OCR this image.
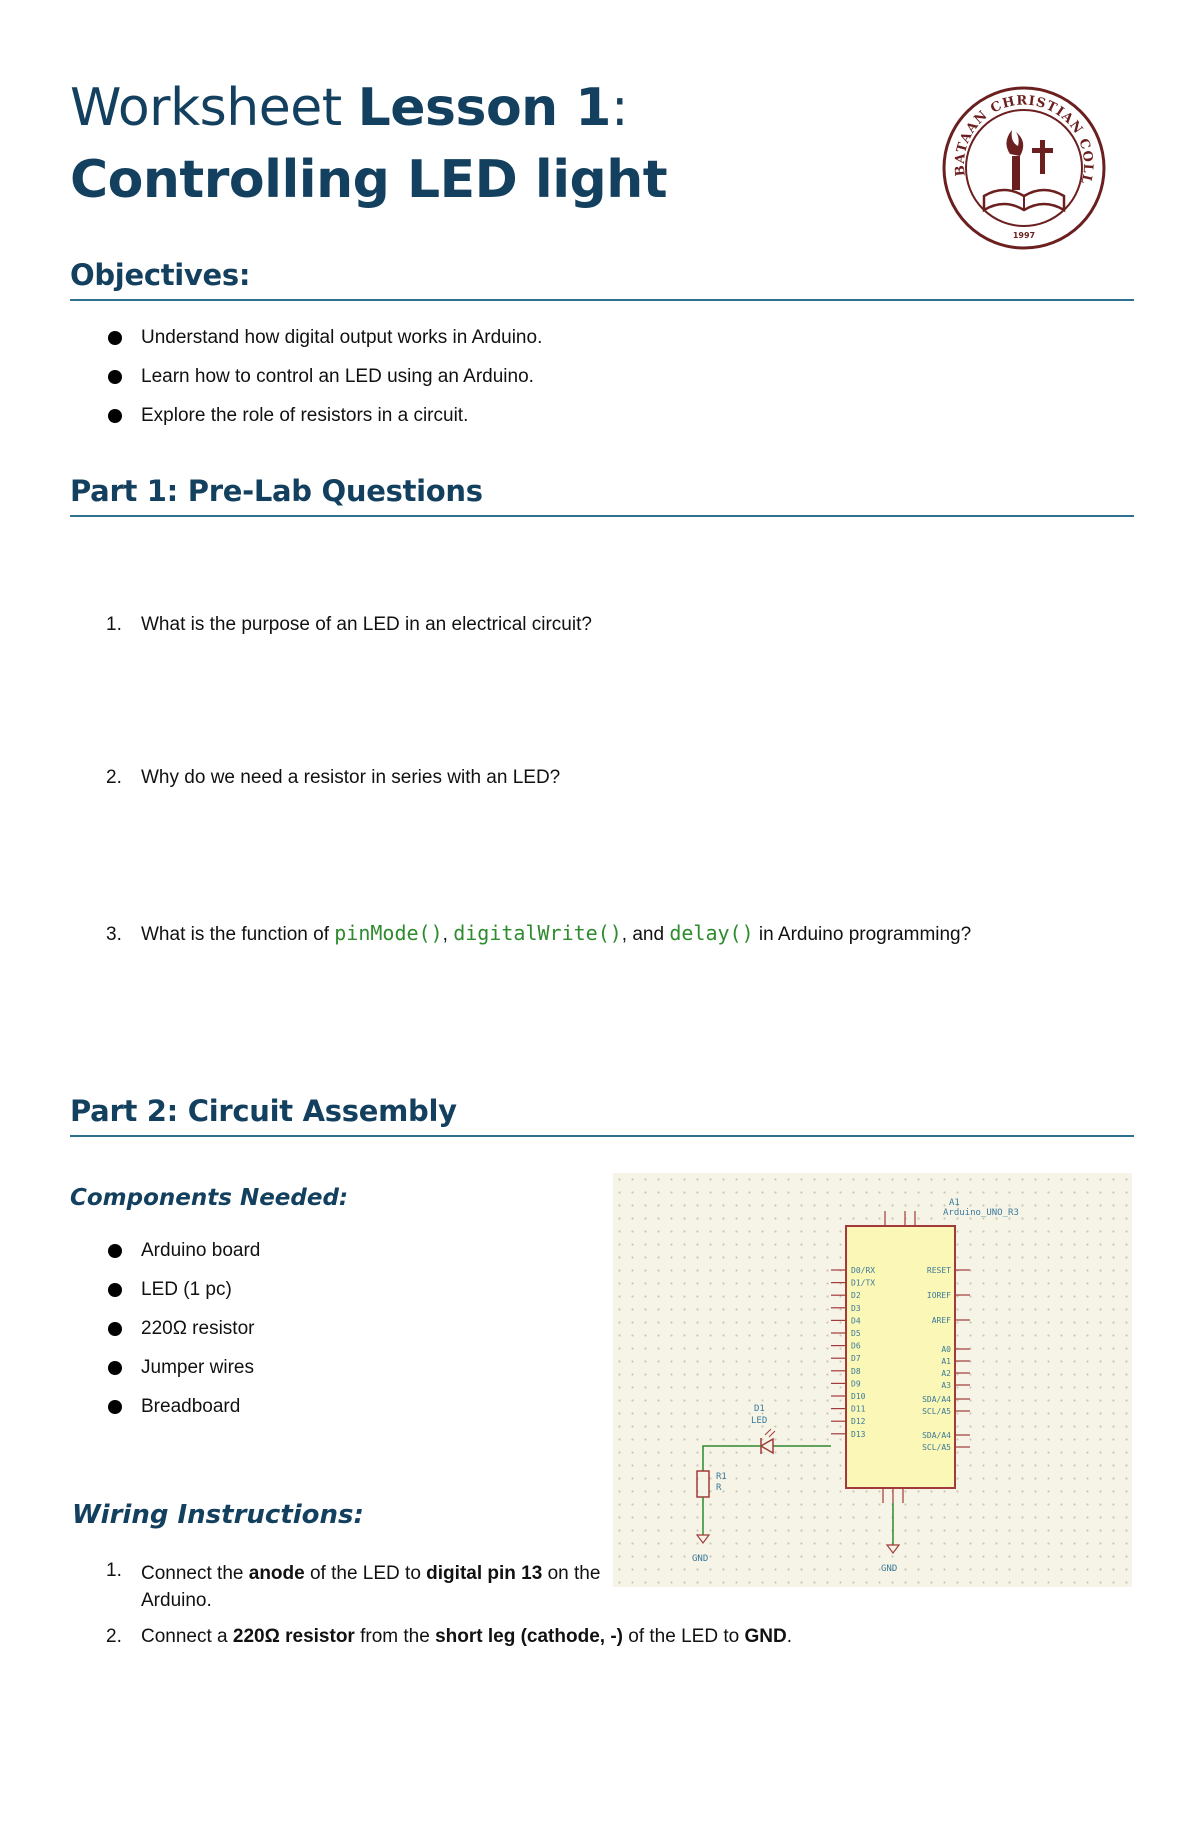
Worksheet Lesson 1:
Controlling LED light	BATAAN CHRISTIAN COLL
1997
Objectives:
Understand how digital output works in Arduino.
Learn how to control an LED using an Arduino.
Explore the role of resistors in a circuit.
Part 1: Pre-Lab Questions
1. What is the purpose of an LED in an electrical circuit?
2. Why do we need a resistor in series with an LED?
3. What is the function of pinMode(), digitalWrite(), and delay() in Arduino programming?
Part 2: Circuit Assembly
Components Needed:
Arduino board
LED (1 pc)
220Ω resistor
Jumper wires
Breadboard
Wiring Instructions:
1. Connect the anode of the LED to digital pin 13 on the Arduino.
2. Connect a 220Ω resistor from the short leg (cathode, -) of the LED to GND.
A1
Arduino_UNO_R3
D0/RX
D1/TX
D2
D3
D4
D5
D6
D7
D8
D9
D10
D11
D12
D13
RESET
IOREF
AREF
A0
A1
A2
A3
SDA/A4
SCL/A5
SDA/A4
SCL/A5
D1
LED
R1
R
GND
GND
